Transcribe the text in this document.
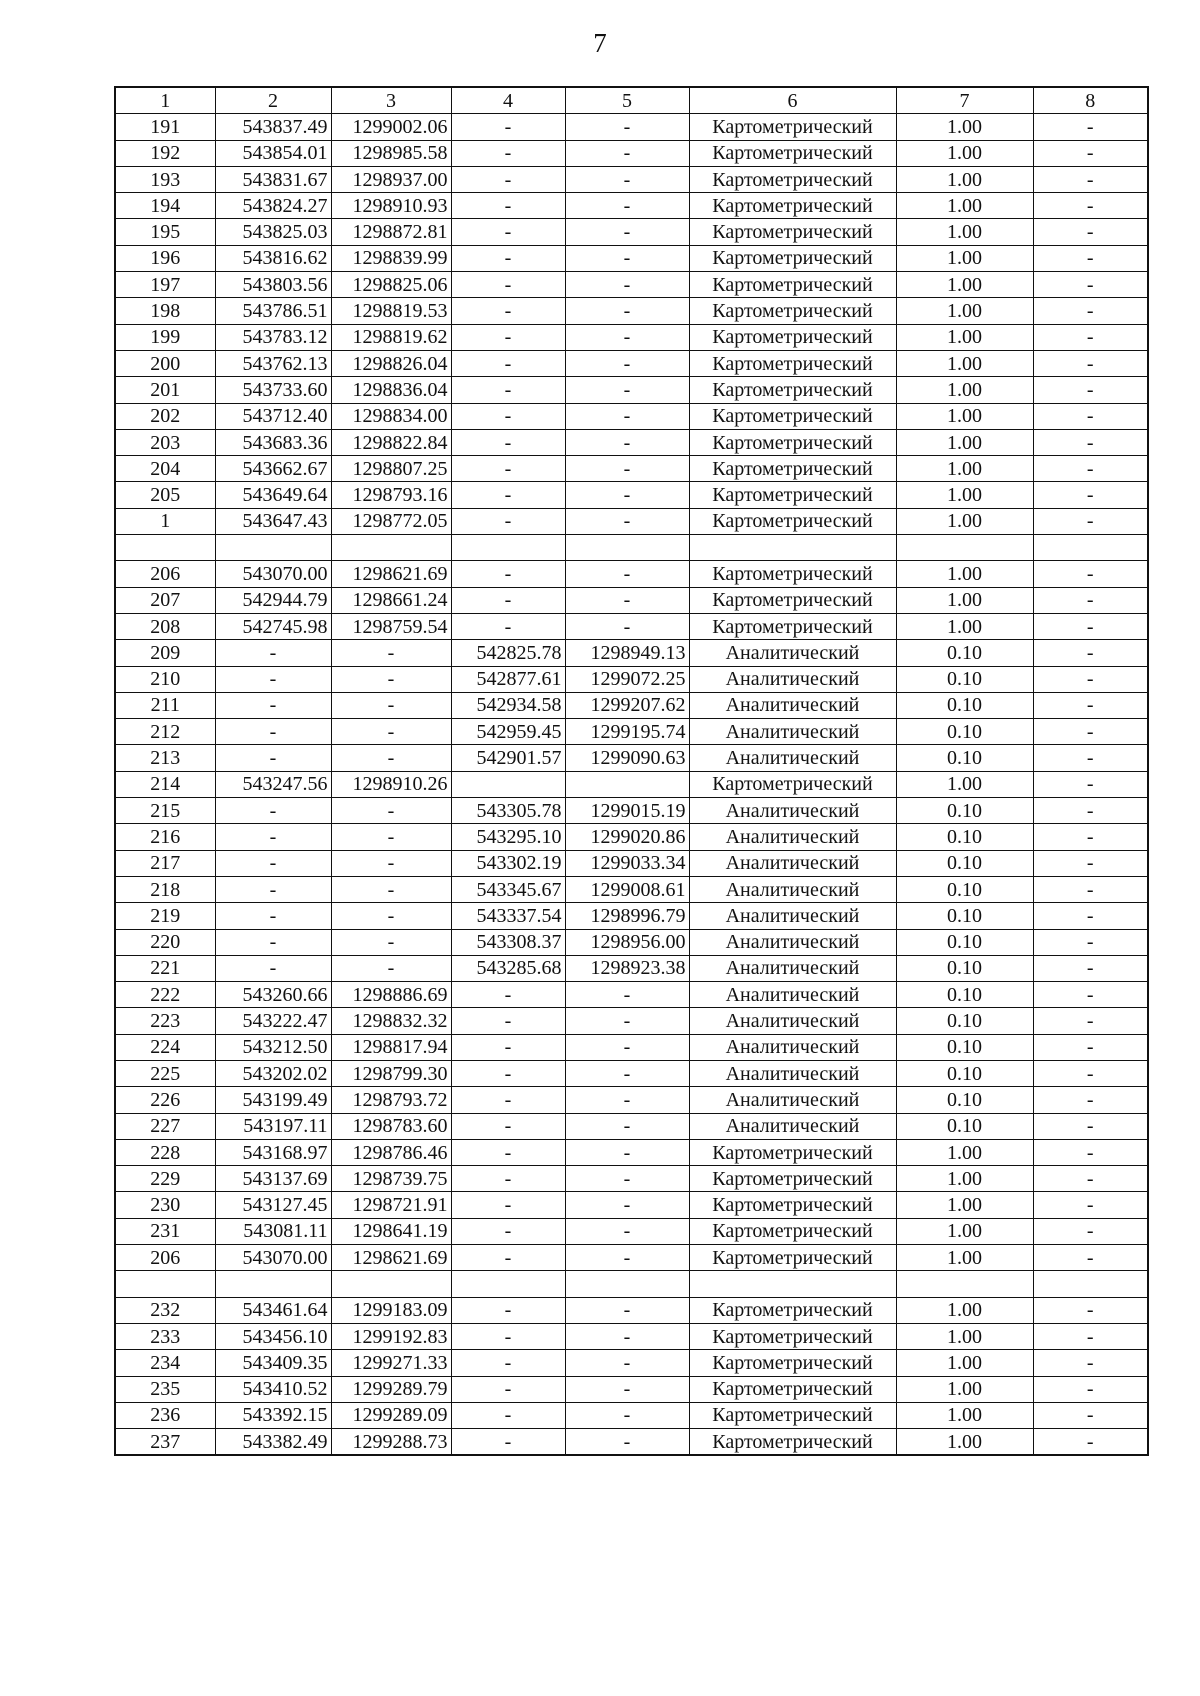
7
1	2	3	4	5	6	7	8
191	543837.49	1299002.06	-	-	Картометрический	1.00	-
192	543854.01	1298985.58	-	-	Картометрический	1.00	-
193	543831.67	1298937.00	-	-	Картометрический	1.00	-
194	543824.27	1298910.93	-	-	Картометрический	1.00	-
195	543825.03	1298872.81	-	-	Картометрический	1.00	-
196	543816.62	1298839.99	-	-	Картометрический	1.00	-
197	543803.56	1298825.06	-	-	Картометрический	1.00	-
198	543786.51	1298819.53	-	-	Картометрический	1.00	-
199	543783.12	1298819.62	-	-	Картометрический	1.00	-
200	543762.13	1298826.04	-	-	Картометрический	1.00	-
201	543733.60	1298836.04	-	-	Картометрический	1.00	-
202	543712.40	1298834.00	-	-	Картометрический	1.00	-
203	543683.36	1298822.84	-	-	Картометрический	1.00	-
204	543662.67	1298807.25	-	-	Картометрический	1.00	-
205	543649.64	1298793.16	-	-	Картометрический	1.00	-
1	543647.43	1298772.05	-	-	Картометрический	1.00	-

206	543070.00	1298621.69	-	-	Картометрический	1.00	-
207	542944.79	1298661.24	-	-	Картометрический	1.00	-
208	542745.98	1298759.54	-	-	Картометрический	1.00	-
209	-	-	542825.78	1298949.13	Аналитический	0.10	-
210	-	-	542877.61	1299072.25	Аналитический	0.10	-
211	-	-	542934.58	1299207.62	Аналитический	0.10	-
212	-	-	542959.45	1299195.74	Аналитический	0.10	-
213	-	-	542901.57	1299090.63	Аналитический	0.10	-
214	543247.56	1298910.26			Картометрический	1.00	-
215	-	-	543305.78	1299015.19	Аналитический	0.10	-
216	-	-	543295.10	1299020.86	Аналитический	0.10	-
217	-	-	543302.19	1299033.34	Аналитический	0.10	-
218	-	-	543345.67	1299008.61	Аналитический	0.10	-
219	-	-	543337.54	1298996.79	Аналитический	0.10	-
220	-	-	543308.37	1298956.00	Аналитический	0.10	-
221	-	-	543285.68	1298923.38	Аналитический	0.10	-
222	543260.66	1298886.69	-	-	Аналитический	0.10	-
223	543222.47	1298832.32	-	-	Аналитический	0.10	-
224	543212.50	1298817.94	-	-	Аналитический	0.10	-
225	543202.02	1298799.30	-	-	Аналитический	0.10	-
226	543199.49	1298793.72	-	-	Аналитический	0.10	-
227	543197.11	1298783.60	-	-	Аналитический	0.10	-
228	543168.97	1298786.46	-	-	Картометрический	1.00	-
229	543137.69	1298739.75	-	-	Картометрический	1.00	-
230	543127.45	1298721.91	-	-	Картометрический	1.00	-
231	543081.11	1298641.19	-	-	Картометрический	1.00	-
206	543070.00	1298621.69	-	-	Картометрический	1.00	-

232	543461.64	1299183.09	-	-	Картометрический	1.00	-
233	543456.10	1299192.83	-	-	Картометрический	1.00	-
234	543409.35	1299271.33	-	-	Картометрический	1.00	-
235	543410.52	1299289.79	-	-	Картометрический	1.00	-
236	543392.15	1299289.09	-	-	Картометрический	1.00	-
237	543382.49	1299288.73	-	-	Картометрический	1.00	-
